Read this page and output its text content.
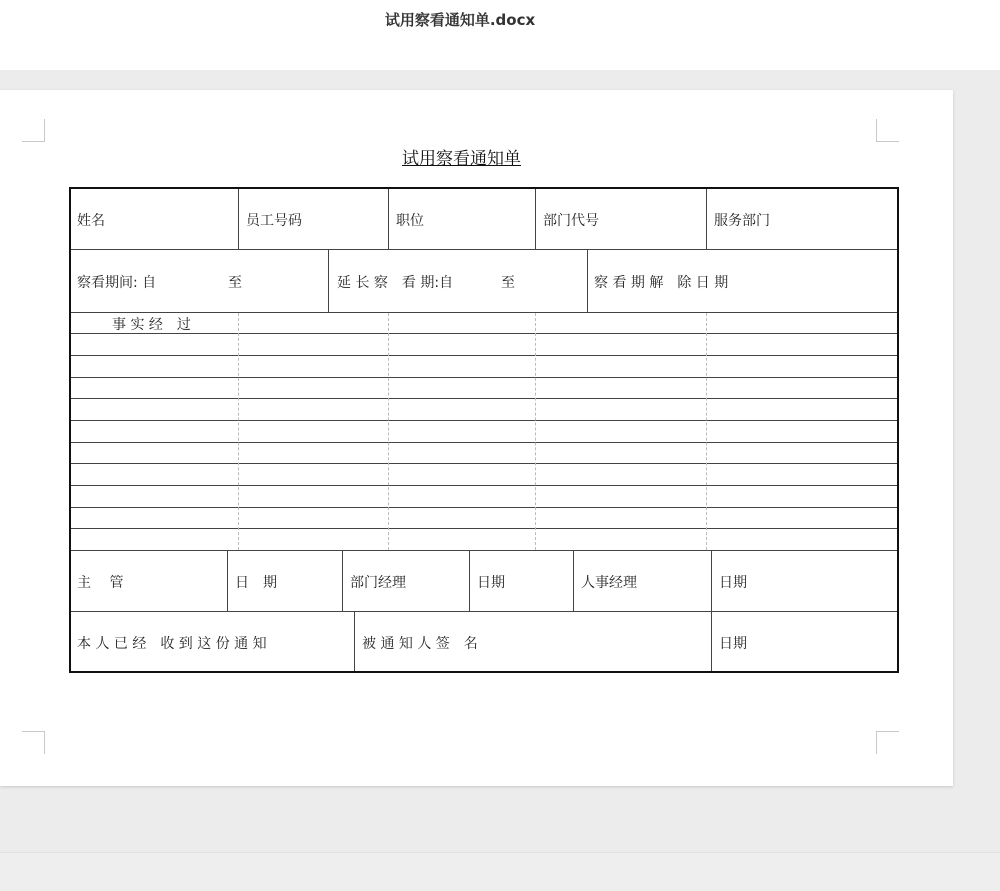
试用察看通知单.docx
试用察看通知单
姓名	员工号码	职位	部门代号	服务部门
察看期间: 自	至	延 长 察　看 期:自	至	察 看 期 解　除 日 期
事 实 经　过
主　 管	日　期	部门经理	日期	人事经理	日期
本 人 已 经　收 到 这 份 通 知	被 通 知 人 签　名	日期
